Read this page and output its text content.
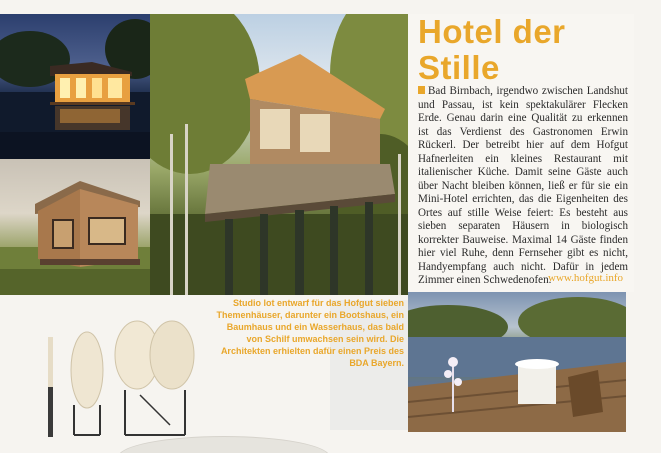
Hotel der
Stille

Bad Birnbach, irgendwo zwischen Landshut und Passau, ist kein spektakulärer Flecken Erde. Genau darin eine Qualität zu erkennen ist das Verdienst des Gastronomen Erwin Rückerl. Der betreibt hier auf dem Hofgut Hafnerleiten ein kleines Restaurant mit italienischer Küche. Damit seine Gäste auch über Nacht bleiben können, ließ er für sie ein Mini-Hotel errichten, das die Eigenheiten des Ortes auf stille Weise feiert: Es besteht aus sieben separaten Häusern in biologisch korrekter Bauweise. Maximal 14 Gäste finden hier viel Ruhe, denn Fernseher gibt es nicht, Handyempfang auch nicht. Dafür in jedem Zimmer einen Schwedenofen.

www.hofgut.info

Studio lot entwarf für das Hofgut sieben Themenhäuser, darunter ein Bootshaus, ein Baumhaus und ein Wasserhaus, das bald von Schilf umwachsen sein wird. Die Architekten erhielten dafür einen Preis des BDA Bayern.
